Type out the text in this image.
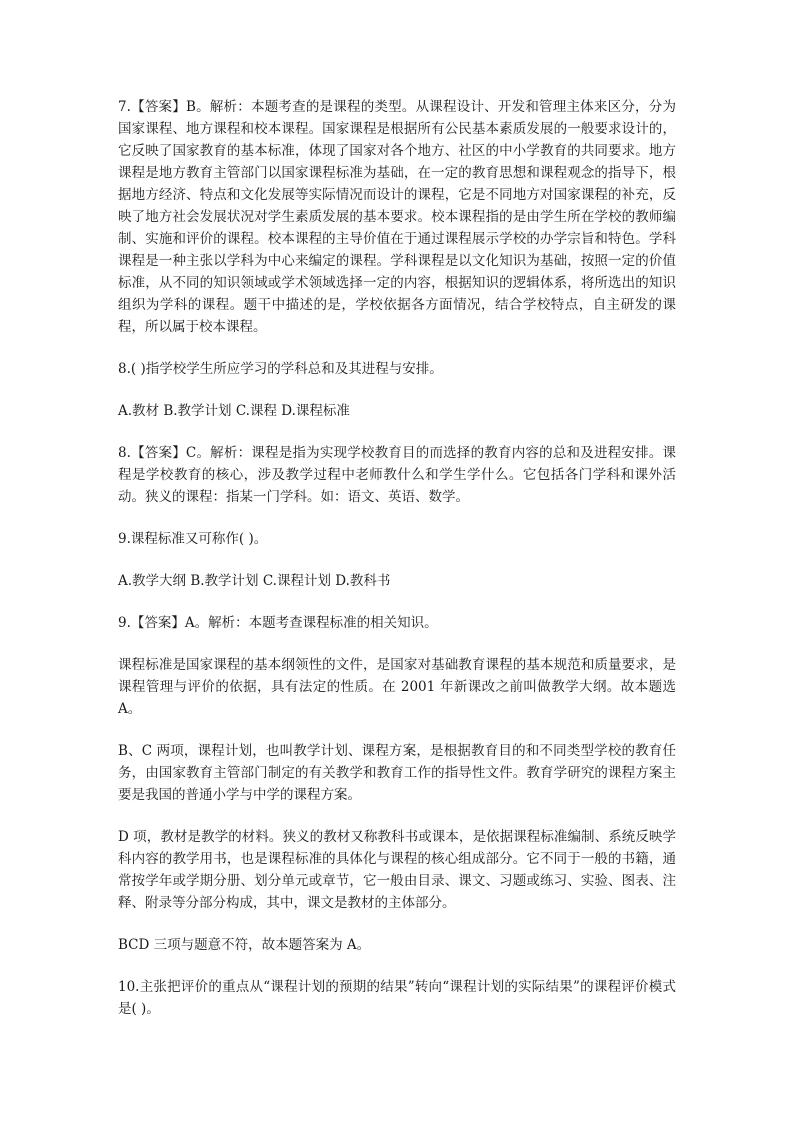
7.【答案】B。解析：本题考查的是课程的类型。从课程设计、开发和管理主体来区分，分为国家课程、地方课程和校本课程。国家课程是根据所有公民基本素质发展的一般要求设计的，它反映了国家教育的基本标准，体现了国家对各个地方、社区的中小学教育的共同要求。地方课程是地方教育主管部门以国家课程标准为基础，在一定的教育思想和课程观念的指导下，根据地方经济、特点和文化发展等实际情况而设计的课程，它是不同地方对国家课程的补充，反映了地方社会发展状况对学生素质发展的基本要求。校本课程指的是由学生所在学校的教师编制、实施和评价的课程。校本课程的主导价值在于通过课程展示学校的办学宗旨和特色。学科课程是一种主张以学科为中心来编定的课程。学科课程是以文化知识为基础，按照一定的价值标准，从不同的知识领域或学术领域选择一定的内容，根据知识的逻辑体系，将所选出的知识组织为学科的课程。题干中描述的是，学校依据各方面情况，结合学校特点，自主研发的课程，所以属于校本课程。

8.( )指学校学生所应学习的学科总和及其进程与安排。

A.教材 B.教学计划 C.课程 D.课程标准

8.【答案】C。解析：课程是指为实现学校教育目的而选择的教育内容的总和及进程安排。课程是学校教育的核心，涉及教学过程中老师教什么和学生学什么。它包括各门学科和课外活动。狭义的课程：指某一门学科。如：语文、英语、数学。

9.课程标准又可称作( )。

A.教学大纲 B.教学计划 C.课程计划 D.教科书

9.【答案】A。解析：本题考查课程标准的相关知识。

课程标准是国家课程的基本纲领性的文件，是国家对基础教育课程的基本规范和质量要求，是课程管理与评价的依据，具有法定的性质。在 2001 年新课改之前叫做教学大纲。故本题选 A。

B、C 两项，课程计划，也叫教学计划、课程方案，是根据教育目的和不同类型学校的教育任务，由国家教育主管部门制定的有关教学和教育工作的指导性文件。教育学研究的课程方案主要是我国的普通小学与中学的课程方案。

D 项，教材是教学的材料。狭义的教材又称教科书或课本，是依据课程标准编制、系统反映学科内容的教学用书，也是课程标准的具体化与课程的核心组成部分。它不同于一般的书籍，通常按学年或学期分册、划分单元或章节，它一般由目录、课文、习题或练习、实验、图表、注释、附录等分部分构成，其中，课文是教材的主体部分。

BCD 三项与题意不符，故本题答案为 A。

10.主张把评价的重点从“课程计划的预期的结果”转向“课程计划的实际结果”的课程评价模式是( )。
